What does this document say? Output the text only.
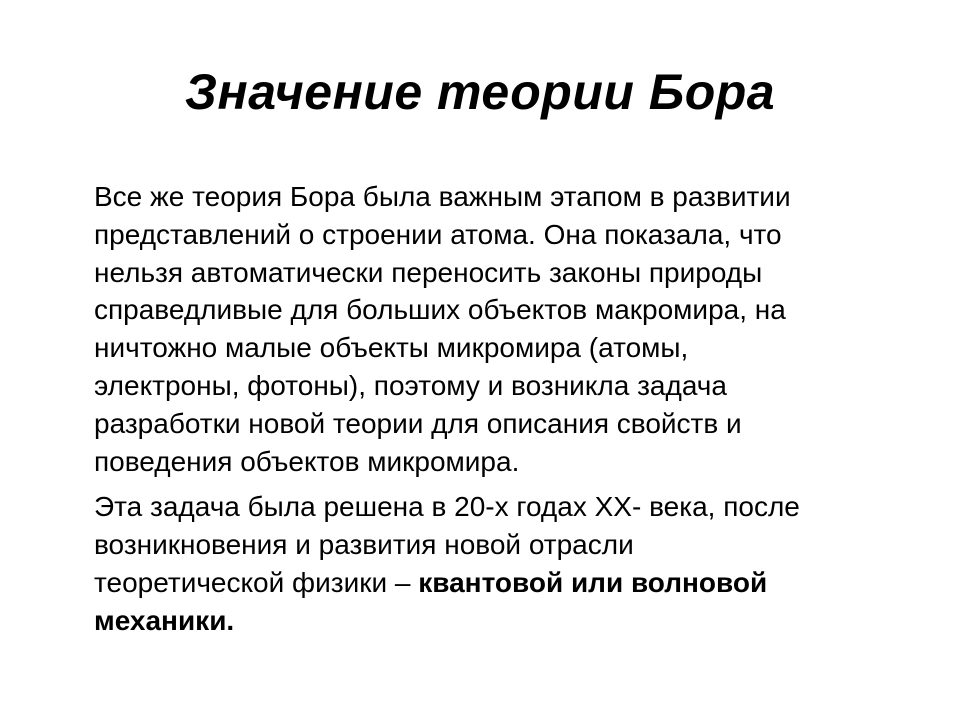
Значение теории Бора

Все же теория Бора была важным этапом в развитии
представлений о строении атома. Она показала, что
нельзя автоматически переносить законы природы
справедливые для больших объектов макромира, на
ничтожно малые объекты микромира (атомы,
электроны, фотоны), поэтому и возникла задача
разработки новой теории для описания свойств и
поведения объектов микромира.

Эта задача была решена в 20-х годах XX- века, после
возникновения и развития новой отрасли
теоретической физики – квантовой или волновой
механики.
